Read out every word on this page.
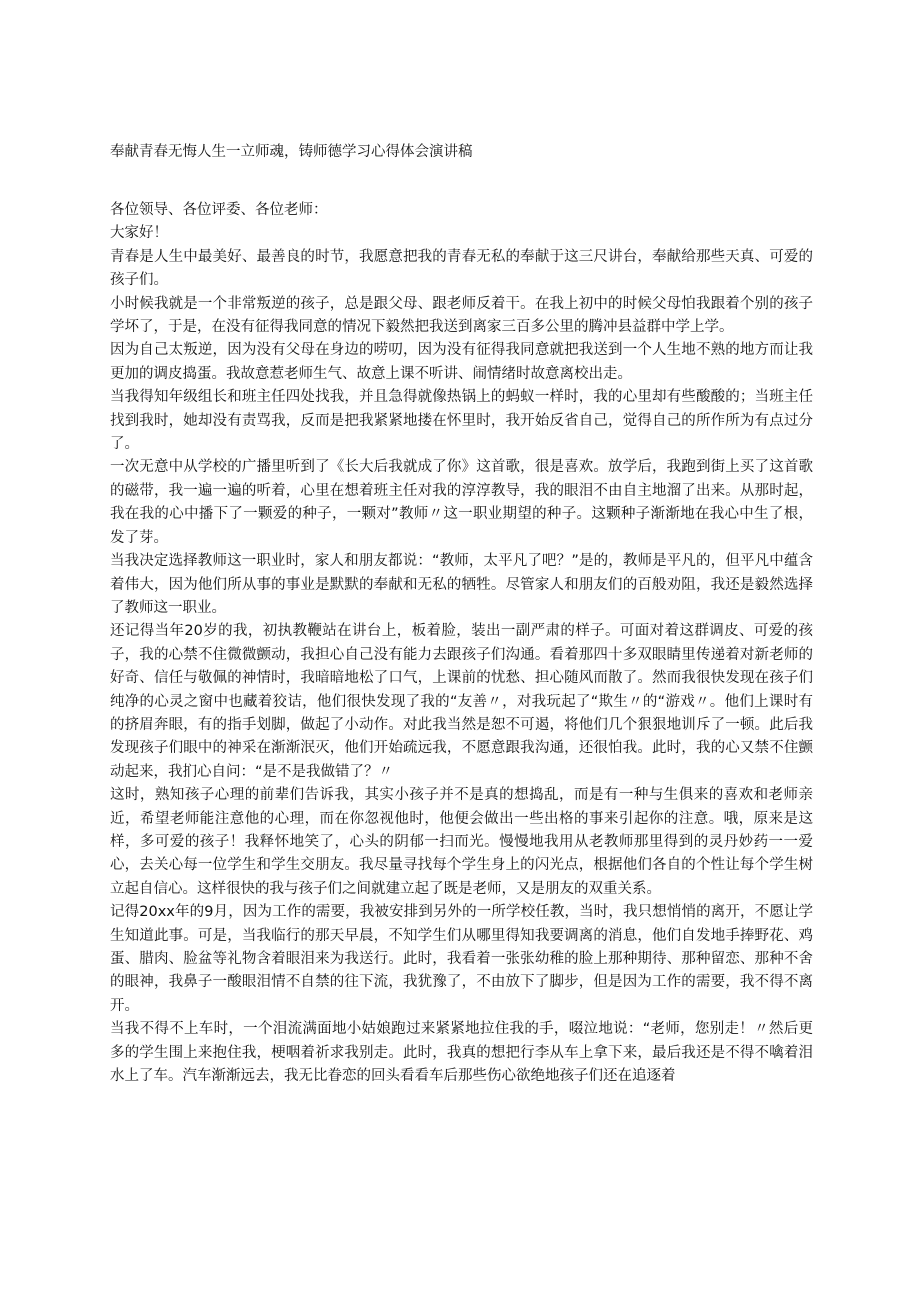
奉献青春无悔人生一立师魂，铸师德学习心得体会演讲稿

各位领导、各位评委、各位老师：

大家好！

青春是人生中最美好、最善良的时节，我愿意把我的青春无私的奉献于这三尺讲台，奉献给那些天真、可爱的孩子们。

小时候我就是一个非常叛逆的孩子，总是跟父母、跟老师反着干。在我上初中的时候父母怕我跟着个别的孩子学坏了，于是，在没有征得我同意的情况下毅然把我送到离家三百多公里的腾冲县益群中学上学。

因为自己太叛逆，因为没有父母在身边的唠叨，因为没有征得我同意就把我送到一个人生地不熟的地方而让我更加的调皮捣蛋。我故意惹老师生气、故意上课不听讲、闹情绪时故意离校出走。

当我得知年级组长和班主任四处找我，并且急得就像热锅上的蚂蚁一样时，我的心里却有些酸酸的；当班主任找到我时，她却没有责骂我，反而是把我紧紧地搂在怀里时，我开始反省自己，觉得自己的所作所为有点过分了。

一次无意中从学校的广播里听到了《长大后我就成了你》这首歌，很是喜欢。放学后，我跑到街上买了这首歌的磁带，我一遍一遍的听着，心里在想着班主任对我的淳淳教导，我的眼泪不由自主地溜了出来。从那时起，我在我的心中播下了一颗爱的种子，一颗对”教师〃这一职业期望的种子。这颗种子渐渐地在我心中生了根，发了芽。

当我决定选择教师这一职业时，家人和朋友都说：“教师，太平凡了吧？”是的，教师是平凡的，但平凡中蕴含着伟大，因为他们所从事的事业是默默的奉献和无私的牺牲。尽管家人和朋友们的百般劝阻，我还是毅然选择了教师这一职业。

还记得当年20岁的我，初执教鞭站在讲台上，板着脸，装出一副严肃的样子。可面对着这群调皮、可爱的孩子，我的心禁不住微微颤动，我担心自己没有能力去跟孩子们沟通。看着那四十多双眼睛里传递着对新老师的好奇、信任与敬佩的神情时，我暗暗地松了口气，上课前的忧愁、担心随风而散了。然而我很快发现在孩子们纯净的心灵之窗中也藏着狡诘，他们很快发现了我的“友善〃，对我玩起了“欺生〃的“游戏〃。他们上课时有的挤眉奔眼，有的指手划脚，做起了小动作。对此我当然是恕不可遏，将他们几个狠狠地训斥了一顿。此后我发现孩子们眼中的神采在渐渐泯灭，他们开始疏远我，不愿意跟我沟通，还很怕我。此时，我的心又禁不住颤动起来，我扪心自问：“是不是我做错了？〃

这时，熟知孩子心理的前辈们告诉我，其实小孩子并不是真的想捣乱，而是有一种与生俱来的喜欢和老师亲近，希望老师能注意他的心理，而在你忽视他时，他便会做出一些出格的事来引起你的注意。哦，原来是这样，多可爱的孩子！我释怀地笑了，心头的阴郁一扫而光。慢慢地我用从老教师那里得到的灵丹妙药一一爱心，去关心每一位学生和学生交朋友。我尽量寻找每个学生身上的闪光点，根据他们各自的个性让每个学生树立起自信心。这样很快的我与孩子们之间就建立起了既是老师，又是朋友的双重关系。

记得20xx年的9月，因为工作的需要，我被安排到另外的一所学校任教，当时，我只想悄悄的离开，不愿让学生知道此事。可是，当我临行的那天早晨，不知学生们从哪里得知我要调离的消息，他们自发地手捧野花、鸡蛋、腊肉、脸盆等礼物含着眼泪来为我送行。此时，我看着一张张幼稚的脸上那种期待、那种留恋、那种不舍的眼神，我鼻子一酸眼泪情不自禁的往下流，我犹豫了，不由放下了脚步，但是因为工作的需要，我不得不离开。

当我不得不上车时，一个泪流满面地小姑娘跑过来紧紧地拉住我的手，啜泣地说：“老师，您别走！〃然后更多的学生围上来抱住我，梗咽着祈求我别走。此时，我真的想把行李从车上拿下来，最后我还是不得不噙着泪水上了车。汽车渐渐远去，我无比眷恋的回头看看车后那些伤心欲绝地孩子们还在追逐着
